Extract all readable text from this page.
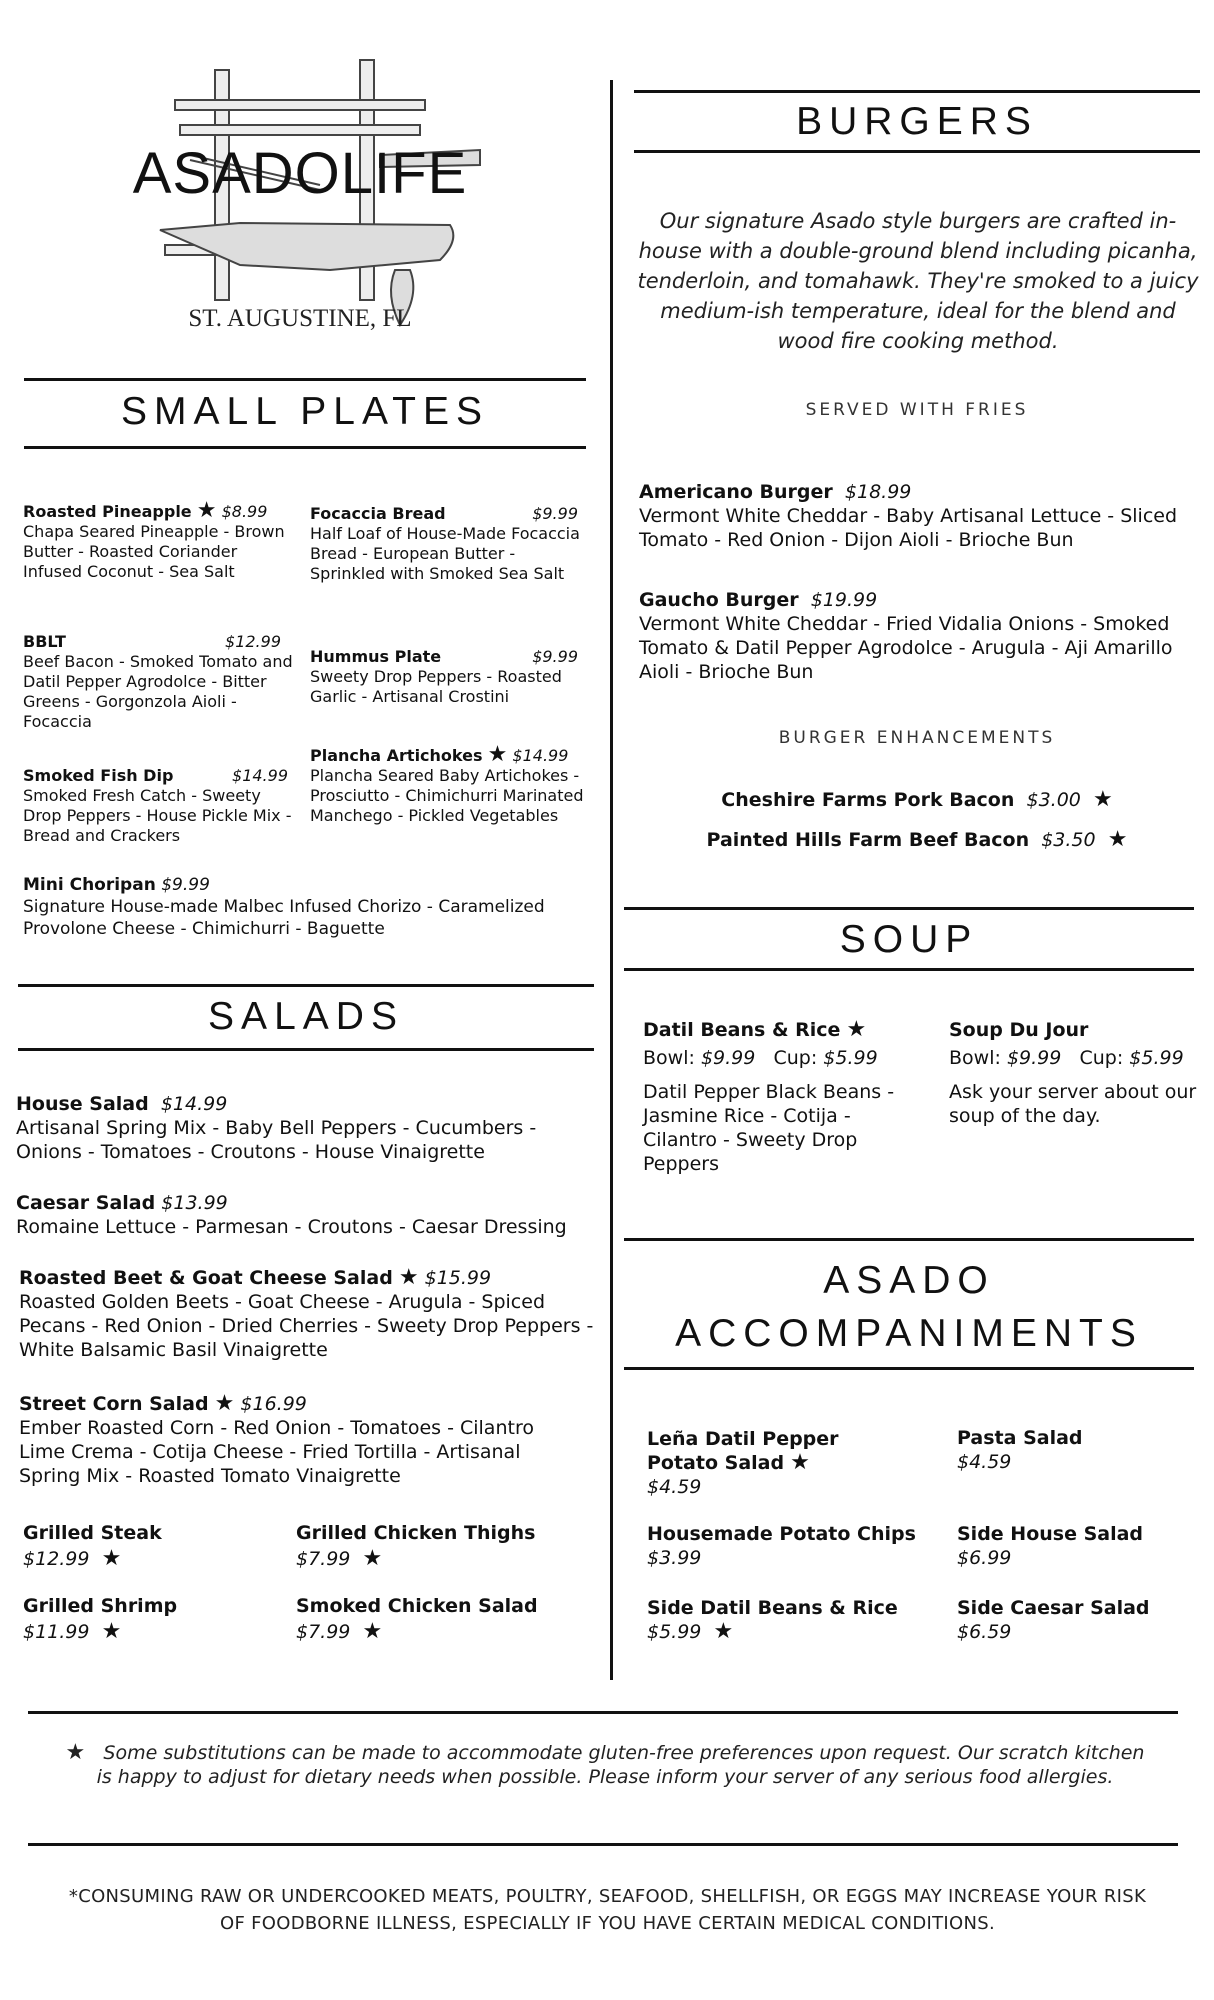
ASADOLIFE
ST. AUGUSTINE, FL
SMALL PLATES
Roasted Pineapple ★ $8.99
Chapa Seared Pineapple - Brown Butter - Roasted Coriander Infused Coconut - Sea Salt
Focaccia Bread	$9.99
Half Loaf of House-Made Focaccia Bread - European Butter - Sprinkled with Smoked Sea Salt
BBLT	$12.99
Beef Bacon - Smoked Tomato and Datil Pepper Agrodolce - Bitter Greens - Gorgonzola Aioli - Focaccia
Hummus Plate	$9.99
Sweety Drop Peppers - Roasted Garlic - Artisanal Crostini
Plancha Artichokes ★ $14.99
Plancha Seared Baby Artichokes - Prosciutto - Chimichurri Marinated Manchego - Pickled Vegetables
Smoked Fish Dip	$14.99
Smoked Fresh Catch - Sweety Drop Peppers - House Pickle Mix - Bread and Crackers
Mini Choripan $9.99
Signature House-made Malbec Infused Chorizo - Caramelized Provolone Cheese - Chimichurri - Baguette
SALADS
House Salad $14.99
Artisanal Spring Mix - Baby Bell Peppers - Cucumbers - Onions - Tomatoes - Croutons - House Vinaigrette
Caesar Salad $13.99
Romaine Lettuce - Parmesan - Croutons - Caesar Dressing
Roasted Beet & Goat Cheese Salad ★ $15.99
Roasted Golden Beets - Goat Cheese - Arugula - Spiced Pecans - Red Onion - Dried Cherries - Sweety Drop Peppers - White Balsamic Basil Vinaigrette
Street Corn Salad ★ $16.99
Ember Roasted Corn - Red Onion - Tomatoes - Cilantro Lime Crema - Cotija Cheese - Fried Tortilla - Artisanal Spring Mix - Roasted Tomato Vinaigrette
Grilled Steak
$12.99 ★
Grilled Chicken Thighs
$7.99 ★
Grilled Shrimp
$11.99 ★
Smoked Chicken Salad
$7.99 ★
BURGERS
Our signature Asado style burgers are crafted in-house with a double-ground blend including picanha, tenderloin, and tomahawk. They're smoked to a juicy medium-ish temperature, ideal for the blend and wood fire cooking method.
SERVED WITH FRIES
Americano Burger $18.99
Vermont White Cheddar - Baby Artisanal Lettuce - Sliced Tomato - Red Onion - Dijon Aioli - Brioche Bun
Gaucho Burger $19.99
Vermont White Cheddar - Fried Vidalia Onions - Smoked Tomato & Datil Pepper Agrodolce - Arugula - Aji Amarillo Aioli - Brioche Bun
BURGER ENHANCEMENTS
Cheshire Farms Pork Bacon $3.00 ★
Painted Hills Farm Beef Bacon $3.50 ★
SOUP
Datil Beans & Rice ★

Bowl: $9.99 Cup: $5.99
Datil Pepper Black Beans - Jasmine Rice - Cotija - Cilantro - Sweety Drop Peppers
Soup Du Jour

Bowl: $9.99 Cup: $5.99
Ask your server about our soup of the day.
ASADO
ACCOMPANIMENTS
Leña Datil Pepper Potato Salad ★
$4.59
Pasta Salad
$4.59
Housemade Potato Chips
$3.99
Side House Salad
$6.99
Side Datil Beans & Rice
$5.99 ★
Side Caesar Salad
$6.59
★ Some substitutions can be made to accommodate gluten-free preferences upon request. Our scratch kitchen is happy to adjust for dietary needs when possible. Please inform your server of any serious food allergies.
*CONSUMING RAW OR UNDERCOOKED MEATS, POULTRY, SEAFOOD, SHELLFISH, OR EGGS MAY INCREASE YOUR RISK OF FOODBORNE ILLNESS, ESPECIALLY IF YOU HAVE CERTAIN MEDICAL CONDITIONS.
